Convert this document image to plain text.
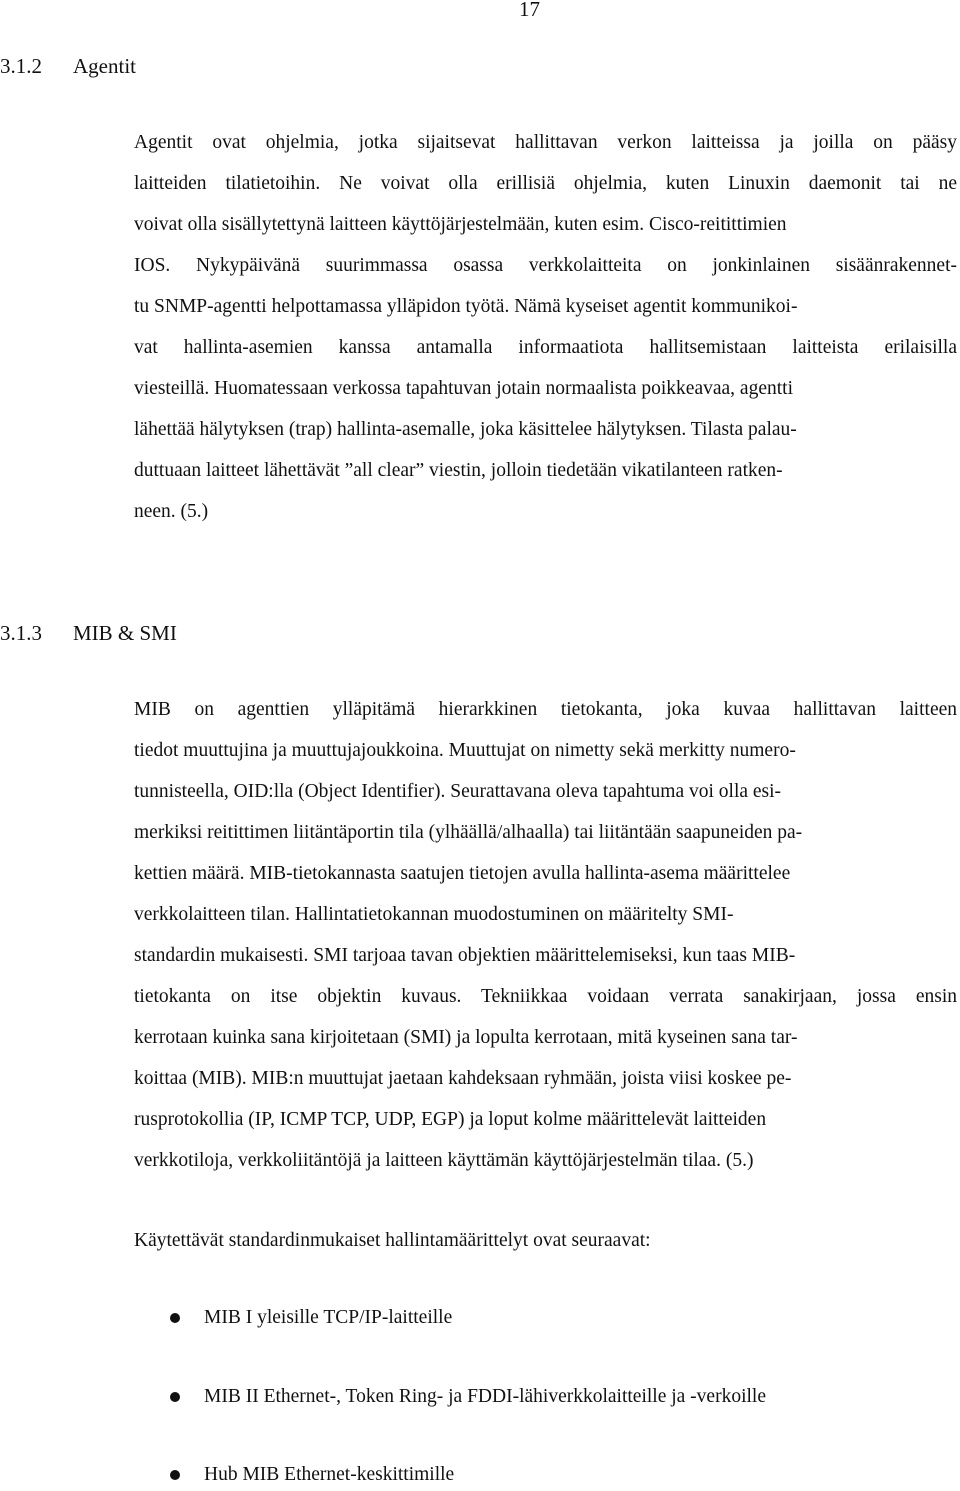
17
3.1.2 Agentit
Agentit ovat ohjelmia, jotka sijaitsevat hallittavan verkon laitteissa ja joilla on pääsy
laitteiden tilatietoihin. Ne voivat olla erillisiä ohjelmia, kuten Linuxin daemonit tai ne
voivat olla sisällytettynä laitteen käyttöjärjestelmään, kuten esim. Cisco-reitittimien
IOS. Nykypäivänä suurimmassa osassa verkkolaitteita on jonkinlainen sisäänrakennet-
tu SNMP-agentti helpottamassa ylläpidon työtä. Nämä kyseiset agentit kommunikoi-
vat hallinta-asemien kanssa antamalla informaatiota hallitsemistaan laitteista erilaisilla
viesteillä. Huomatessaan verkossa tapahtuvan jotain normaalista poikkeavaa, agentti
lähettää hälytyksen (trap) hallinta-asemalle, joka käsittelee hälytyksen. Tilasta palau-
duttuaan laitteet lähettävät ”all clear” viestin, jolloin tiedetään vikatilanteen ratken-
neen. (5.)
3.1.3 MIB & SMI
MIB on agenttien ylläpitämä hierarkkinen tietokanta, joka kuvaa hallittavan laitteen
tiedot muuttujina ja muuttujajoukkoina. Muuttujat on nimetty sekä merkitty numero-
tunnisteella, OID:lla (Object Identifier). Seurattavana oleva tapahtuma voi olla esi-
merkiksi reitittimen liitäntäportin tila (ylhäällä/alhaalla) tai liitäntään saapuneiden pa-
kettien määrä. MIB-tietokannasta saatujen tietojen avulla hallinta-asema määrittelee
verkkolaitteen tilan. Hallintatietokannan muodostuminen on määritelty SMI-
standardin mukaisesti. SMI tarjoaa tavan objektien määrittelemiseksi, kun taas MIB-
tietokanta on itse objektin kuvaus. Tekniikkaa voidaan verrata sanakirjaan, jossa ensin
kerrotaan kuinka sana kirjoitetaan (SMI) ja lopulta kerrotaan, mitä kyseinen sana tar-
koittaa (MIB). MIB:n muuttujat jaetaan kahdeksaan ryhmään, joista viisi koskee pe-
rusprotokollia (IP, ICMP TCP, UDP, EGP) ja loput kolme määrittelevät laitteiden
verkkotiloja, verkkoliitäntöjä ja laitteen käyttämän käyttöjärjestelmän tilaa. (5.)
Käytettävät standardinmukaiset hallintamäärittelyt ovat seuraavat:
MIB I yleisille TCP/IP-laitteille
MIB II Ethernet-, Token Ring- ja FDDI-lähiverkkolaitteille ja -verkoille
Hub MIB Ethernet-keskittimille
